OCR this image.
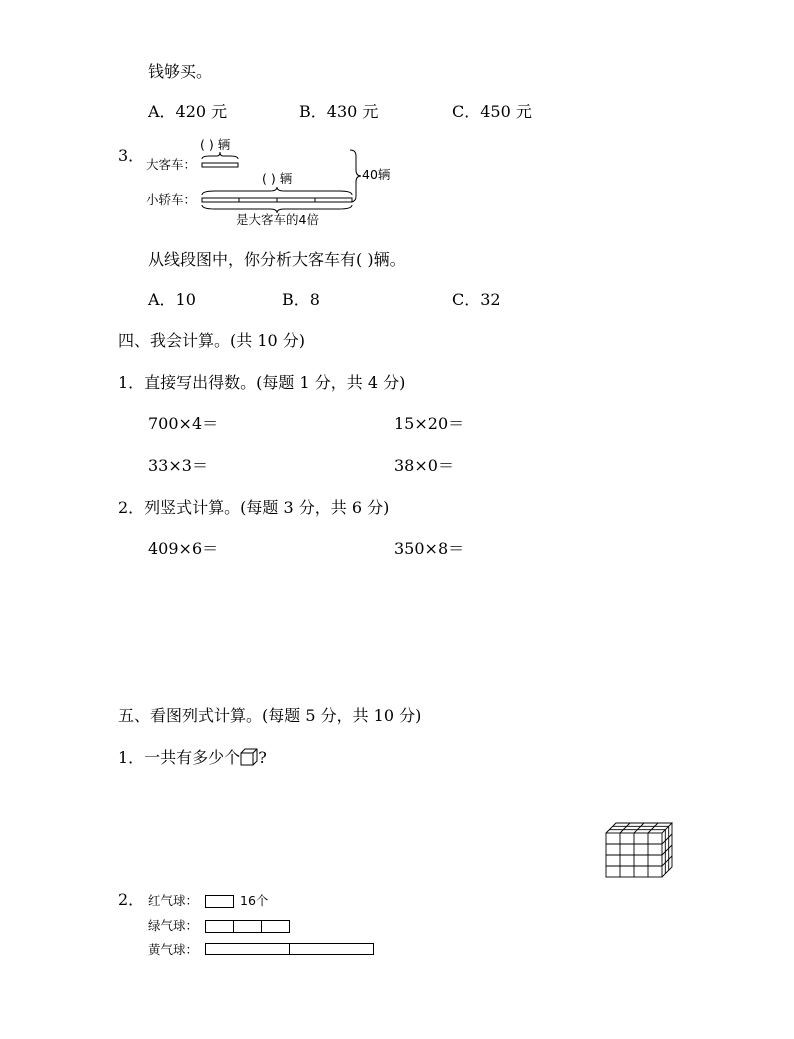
钱够买。
A．420 元	B．430 元	C．450 元
3． 大客车：
小轿车：
( ) 辆
( ) 辆	40辆
是大客车的4倍
从线段图中，你分析大客车有( )辆。
A．10	B．8	C．32
四、我会计算。(共 10 分)
1．直接写出得数。(每题 1 分，共 4 分)
700×4＝	15×20＝
33×3＝	38×0＝
2．列竖式计算。(每题 3 分，共 6 分)
409×6＝	350×8＝
五、看图列式计算。(每题 5 分，共 10 分)
1．一共有多少个 ?
2． 红气球：	16个
绿气球：
黄气球：
